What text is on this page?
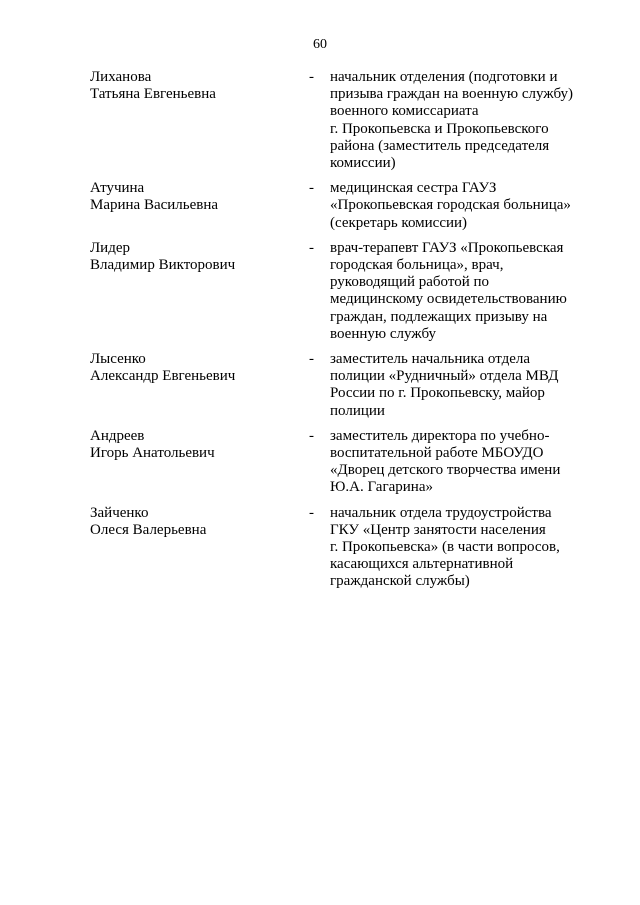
60
Лиханова
Татьяна Евгеньевна
- начальник отделения (подготовки и
призыва граждан на военную службу)
военного комиссариата
г. Прокопьевска и Прокопьевского
района (заместитель председателя
комиссии)
Атучина
Марина Васильевна
- медицинская сестра ГАУЗ
«Прокопьевская городская больница»
(секретарь комиссии)
Лидер
Владимир Викторович
- врач-терапевт ГАУЗ «Прокопьевская
городская больница», врач,
руководящий работой по
медицинскому освидетельствованию
граждан, подлежащих призыву на
военную службу
Лысенко
Александр Евгеньевич
- заместитель начальника отдела
полиции «Рудничный» отдела МВД
России по г. Прокопьевску, майор
полиции
Андреев
Игорь Анатольевич
- заместитель директора по учебно-
воспитательной работе МБОУДО
«Дворец детского творчества имени
Ю.А. Гагарина»
Зайченко
Олеся Валерьевна
- начальник отдела трудоустройства
ГКУ «Центр занятости населения
г. Прокопьевска» (в части вопросов,
касающихся альтернативной
гражданской службы)
